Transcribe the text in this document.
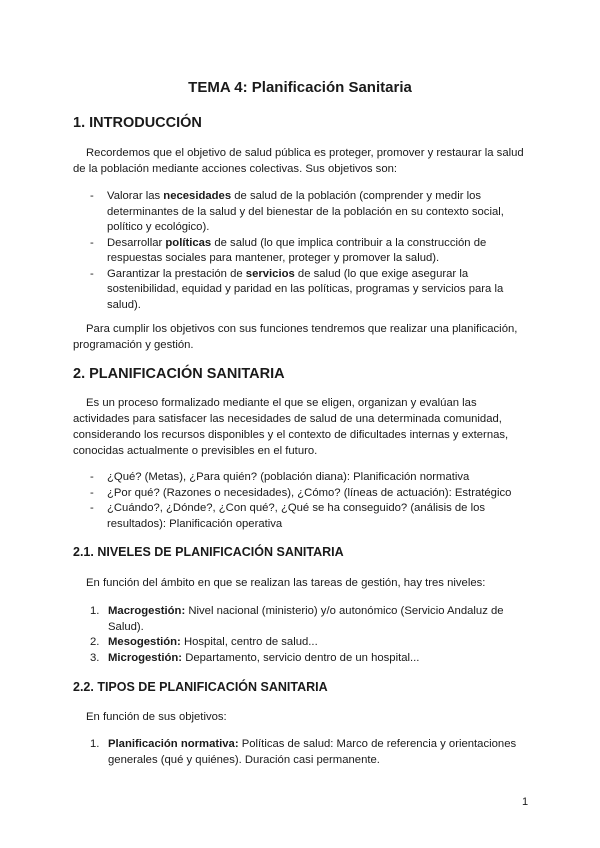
TEMA 4: Planificación Sanitaria
1. INTRODUCCIÓN

Recordemos que el objetivo de salud pública es proteger, promover y restaurar la salud de la población mediante acciones colectivas. Sus objetivos son:

- Valorar las necesidades de salud de la población (comprender y medir los determinantes de la salud y del bienestar de la población en su contexto social, político y ecológico).
- Desarrollar políticas de salud (lo que implica contribuir a la construcción de respuestas sociales para mantener, proteger y promover la salud).
- Garantizar la prestación de servicios de salud (lo que exige asegurar la sostenibilidad, equidad y paridad en las políticas, programas y servicios para la salud).

Para cumplir los objetivos con sus funciones tendremos que realizar una planificación, programación y gestión.

2. PLANIFICACIÓN SANITARIA

Es un proceso formalizado mediante el que se eligen, organizan y evalúan las actividades para satisfacer las necesidades de salud de una determinada comunidad, considerando los recursos disponibles y el contexto de dificultades internas y externas, conocidas actualmente o previsibles en el futuro.

- ¿Qué? (Metas), ¿Para quién? (población diana): Planificación normativa
- ¿Por qué? (Razones o necesidades), ¿Cómo? (líneas de actuación): Estratégico
- ¿Cuándo?, ¿Dónde?, ¿Con qué?, ¿Qué se ha conseguido? (análisis de los resultados): Planificación operativa
2.1. NIVELES DE PLANIFICACIÓN SANITARIA

En función del ámbito en que se realizan las tareas de gestión, hay tres niveles:

1. Macrogestión: Nivel nacional (ministerio) y/o autonómico (Servicio Andaluz de Salud).
2. Mesogestión: Hospital, centro de salud...
3. Microgestión: Departamento, servicio dentro de un hospital...
2.2. TIPOS DE PLANIFICACIÓN SANITARIA

En función de sus objetivos:

1. Planificación normativa: Políticas de salud: Marco de referencia y orientaciones generales (qué y quiénes). Duración casi permanente.
1
